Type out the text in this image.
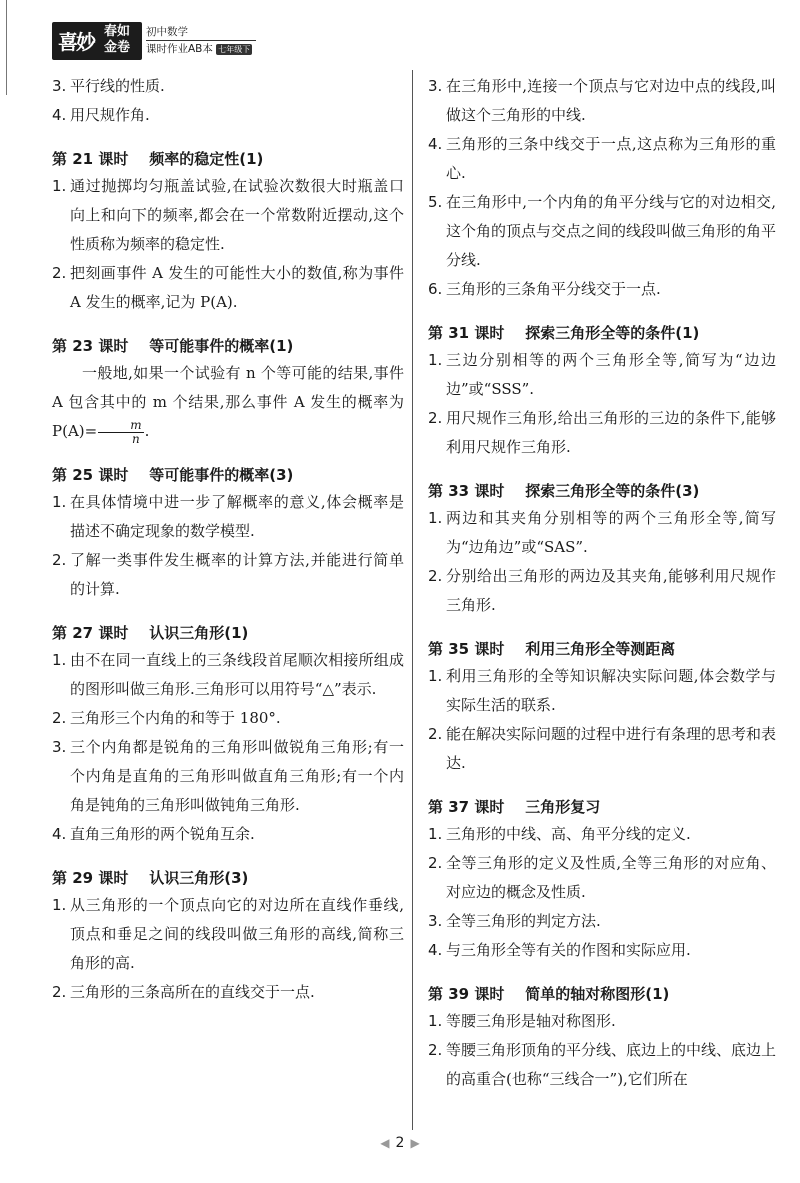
喜妙 春如金卷
初中数学
课时作业AB本 七年级下
3. 平行线的性质.
4. 用尺规作角.
第 21 课时    频率的稳定性(1)
1. 通过抛掷均匀瓶盖试验,在试验次数很大时瓶盖口向上和向下的频率,都会在一个常数附近摆动,这个性质称为频率的稳定性.
2. 把刻画事件 A 发生的可能性大小的数值,称为事件 A 发生的概率,记为 P(A).
第 23 课时    等可能事件的概率(1)

一般地,如果一个试验有 n 个等可能的结果,事件 A 包含其中的 m 个结果,那么事件 A 发生的概率为 $P(A)= \frac{m}{n}$ .

第 25 课时    等可能事件的概率(3)
1. 在具体情境中进一步了解概率的意义,体会概率是描述不确定现象的数学模型.
2. 了解一类事件发生概率的计算方法,并能进行简单的计算.
第 27 课时    认识三角形(1)
1. 由不在同一直线上的三条线段首尾顺次相接所组成的图形叫做三角形.三角形可以用符号“△”表示.
2. 三角形三个内角的和等于 180°.
3. 三个内角都是锐角的三角形叫做锐角三角形;有一个内角是直角的三角形叫做直角三角形;有一个内角是钝角的三角形叫做钝角三角形.
4. 直角三角形的两个锐角互余.
第 29 课时    认识三角形(3)
1. 从三角形的一个顶点向它的对边所在直线作垂线,顶点和垂足之间的线段叫做三角形的高线,简称三角形的高.
2. 三角形的三条高所在的直线交于一点.
3. 在三角形中,连接一个顶点与它对边中点的线段,叫做这个三角形的中线.
4. 三角形的三条中线交于一点,这点称为三角形的重心.
5. 在三角形中,一个内角的角平分线与它的对边相交,这个角的顶点与交点之间的线段叫做三角形的角平分线.
6. 三角形的三条角平分线交于一点.
第 31 课时    探索三角形全等的条件(1)
1. 三边分别相等的两个三角形全等,简写为“边边边”或“SSS”.
2. 用尺规作三角形,给出三角形的三边的条件下,能够利用尺规作三角形.
第 33 课时    探索三角形全等的条件(3)
1. 两边和其夹角分别相等的两个三角形全等,简写为“边角边”或“SAS”.
2. 分别给出三角形的两边及其夹角,能够利用尺规作三角形.
第 35 课时    利用三角形全等测距离
1. 利用三角形的全等知识解决实际问题,体会数学与实际生活的联系.
2. 能在解决实际问题的过程中进行有条理的思考和表达.
第 37 课时    三角形复习
1. 三角形的中线、高、角平分线的定义.
2. 全等三角形的定义及性质,全等三角形的对应角、对应边的概念及性质.
3. 全等三角形的判定方法.
4. 与三角形全等有关的作图和实际应用.
第 39 课时    简单的轴对称图形(1)
1. 等腰三角形是轴对称图形.
2. 等腰三角形顶角的平分线、底边上的中线、底边上的高重合(也称“三线合一”),它们所在
◀ 2 ▶
